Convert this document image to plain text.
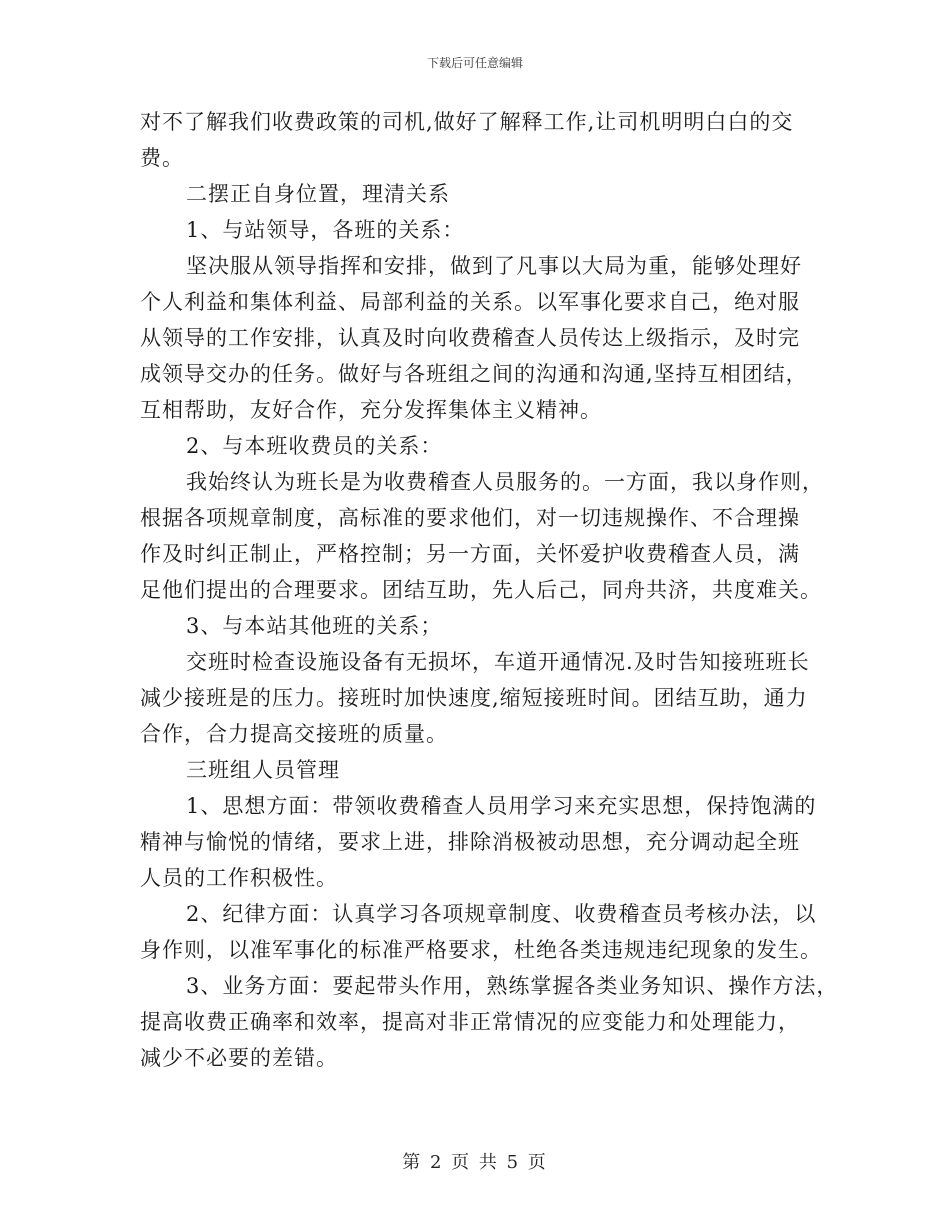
下载后可任意编辑
对不了解我们收费政策的司机,做好了解释工作,让司机明明白白的交
费。
二摆正自身位置，理清关系
1、与站领导，各班的关系：
坚决服从领导指挥和安排，做到了凡事以大局为重，能够处理好
个人利益和集体利益、局部利益的关系。以军事化要求自己，绝对服
从领导的工作安排，认真及时向收费稽查人员传达上级指示，及时完
成领导交办的任务。做好与各班组之间的沟通和沟通,坚持互相团结，
互相帮助，友好合作，充分发挥集体主义精神。
2、与本班收费员的关系：
我始终认为班长是为收费稽查人员服务的。一方面，我以身作则，
根据各项规章制度，高标准的要求他们，对一切违规操作、不合理操
作及时纠正制止，严格控制；另一方面，关怀爱护收费稽查人员，满
足他们提出的合理要求。团结互助，先人后己，同舟共济，共度难关。
3、与本站其他班的关系；
交班时检查设施设备有无损坏，车道开通情况.及时告知接班班长
减少接班是的压力。接班时加快速度,缩短接班时间。团结互助，通力
合作，合力提高交接班的质量。
三班组人员管理
1、思想方面：带领收费稽查人员用学习来充实思想，保持饱满的
精神与愉悦的情绪，要求上进，排除消极被动思想，充分调动起全班
人员的工作积极性。
2、纪律方面：认真学习各项规章制度、收费稽查员考核办法，以
身作则，以准军事化的标准严格要求，杜绝各类违规违纪现象的发生。
3、业务方面：要起带头作用，熟练掌握各类业务知识、操作方法，
提高收费正确率和效率，提高对非正常情况的应变能力和处理能力，
减少不必要的差错。
第 2 页 共 5 页
